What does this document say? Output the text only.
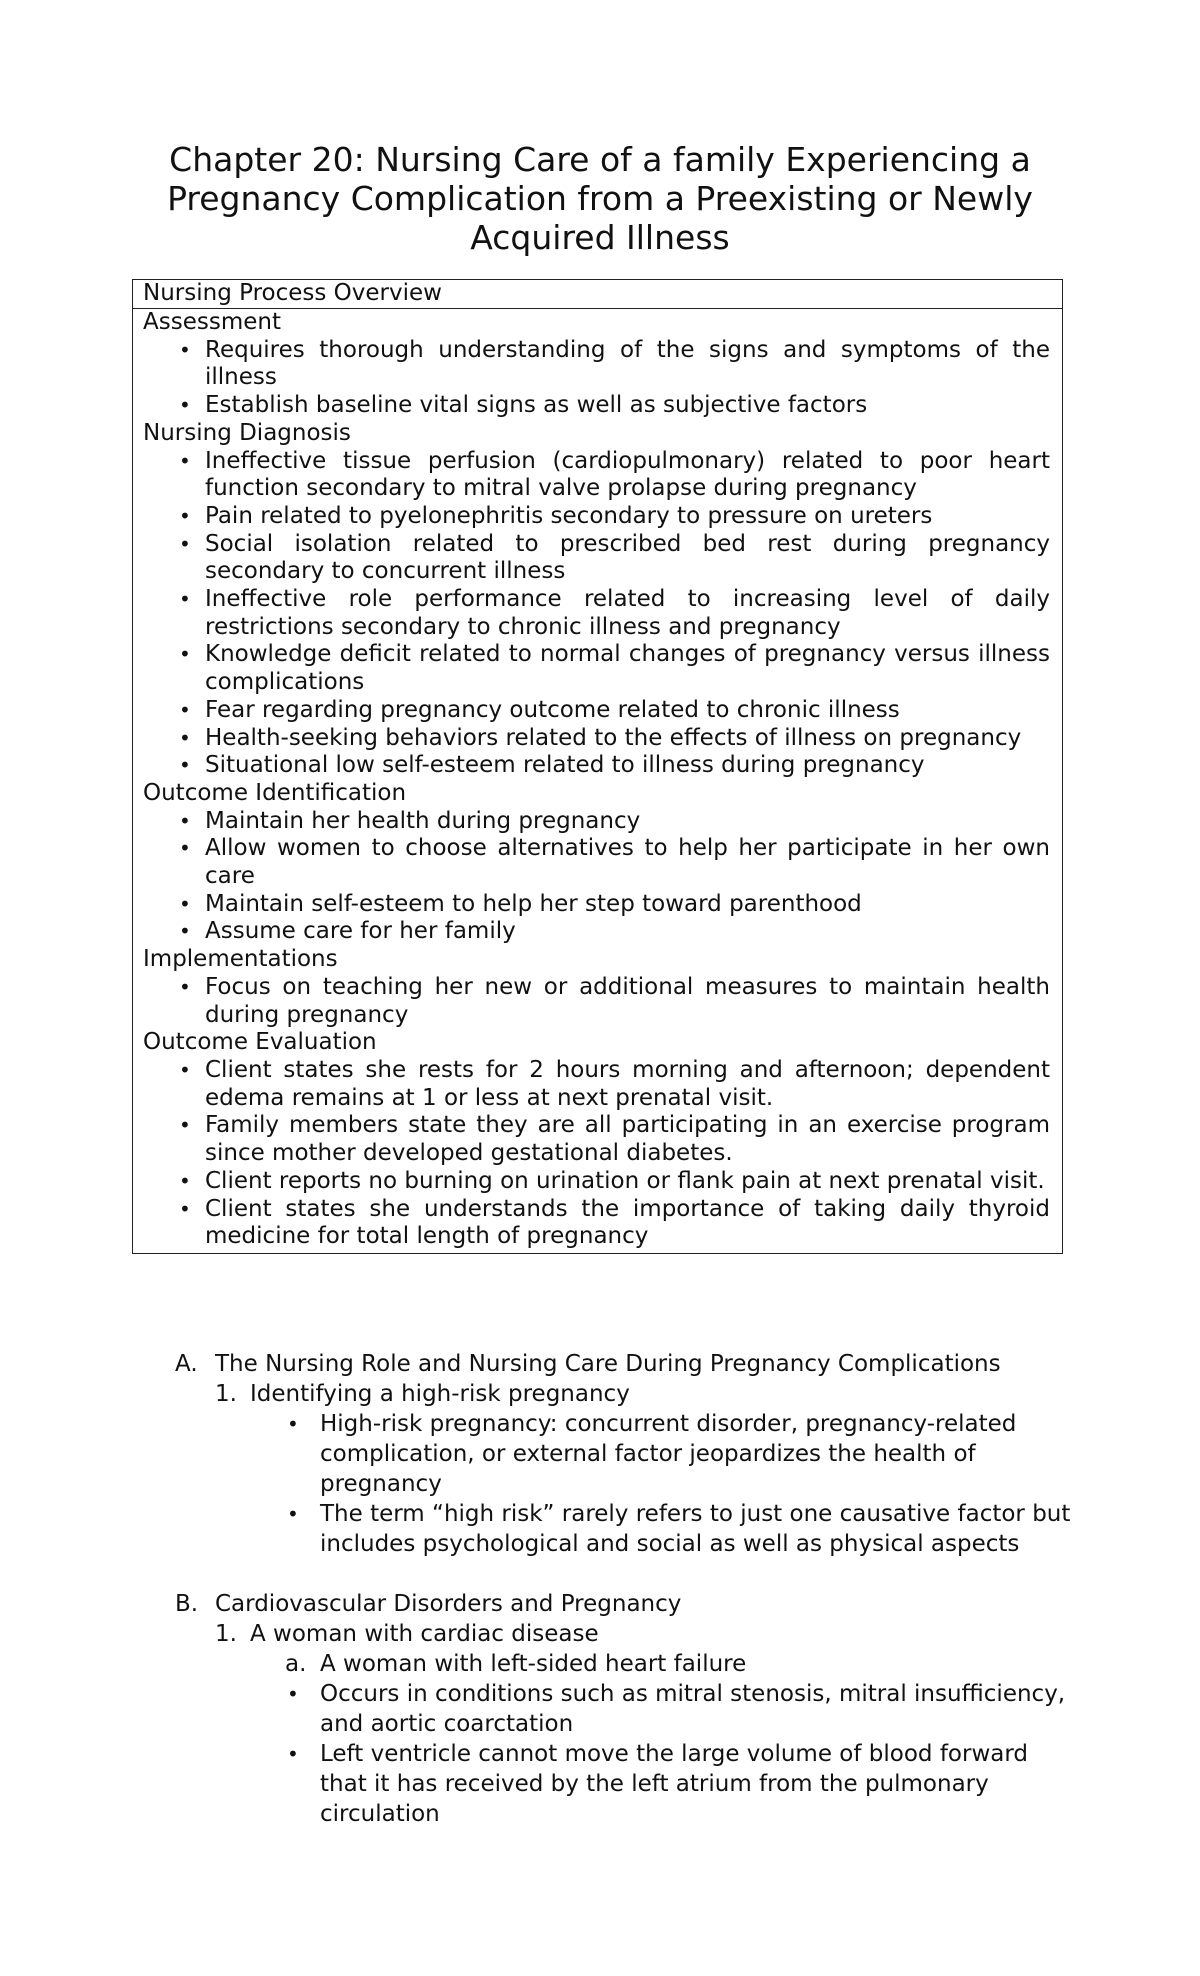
Chapter 20: Nursing Care of a family Experiencing a Pregnancy Complication from a Preexisting or Newly Acquired Illness
Nursing Process Overview
Assessment
• Requires thorough understanding of the signs and symptoms of the illness
• Establish baseline vital signs as well as subjective factors
Nursing Diagnosis
• Ineffective tissue perfusion (cardiopulmonary) related to poor heart function secondary to mitral valve prolapse during pregnancy
• Pain related to pyelonephritis secondary to pressure on ureters
• Social isolation related to prescribed bed rest during pregnancy secondary to concurrent illness
• Ineffective role performance related to increasing level of daily restrictions secondary to chronic illness and pregnancy
• Knowledge deficit related to normal changes of pregnancy versus illness complications
• Fear regarding pregnancy outcome related to chronic illness
• Health-seeking behaviors related to the effects of illness on pregnancy
• Situational low self-esteem related to illness during pregnancy
Outcome Identification
• Maintain her health during pregnancy
• Allow women to choose alternatives to help her participate in her own care
• Maintain self-esteem to help her step toward parenthood
• Assume care for her family
Implementations
• Focus on teaching her new or additional measures to maintain health during pregnancy
Outcome Evaluation
• Client states she rests for 2 hours morning and afternoon; dependent edema remains at 1 or less at next prenatal visit.
• Family members state they are all participating in an exercise program since mother developed gestational diabetes.
• Client reports no burning on urination or flank pain at next prenatal visit.
• Client states she understands the importance of taking daily thyroid medicine for total length of pregnancy
A. The Nursing Role and Nursing Care During Pregnancy Complications
1. Identifying a high-risk pregnancy
• High-risk pregnancy: concurrent disorder, pregnancy-related complication, or external factor jeopardizes the health of pregnancy
• The term “high risk” rarely refers to just one causative factor but includes psychological and social as well as physical aspects
B. Cardiovascular Disorders and Pregnancy
1. A woman with cardiac disease
a. A woman with left-sided heart failure
• Occurs in conditions such as mitral stenosis, mitral insufficiency, and aortic coarctation
• Left ventricle cannot move the large volume of blood forward that it has received by the left atrium from the pulmonary circulation
